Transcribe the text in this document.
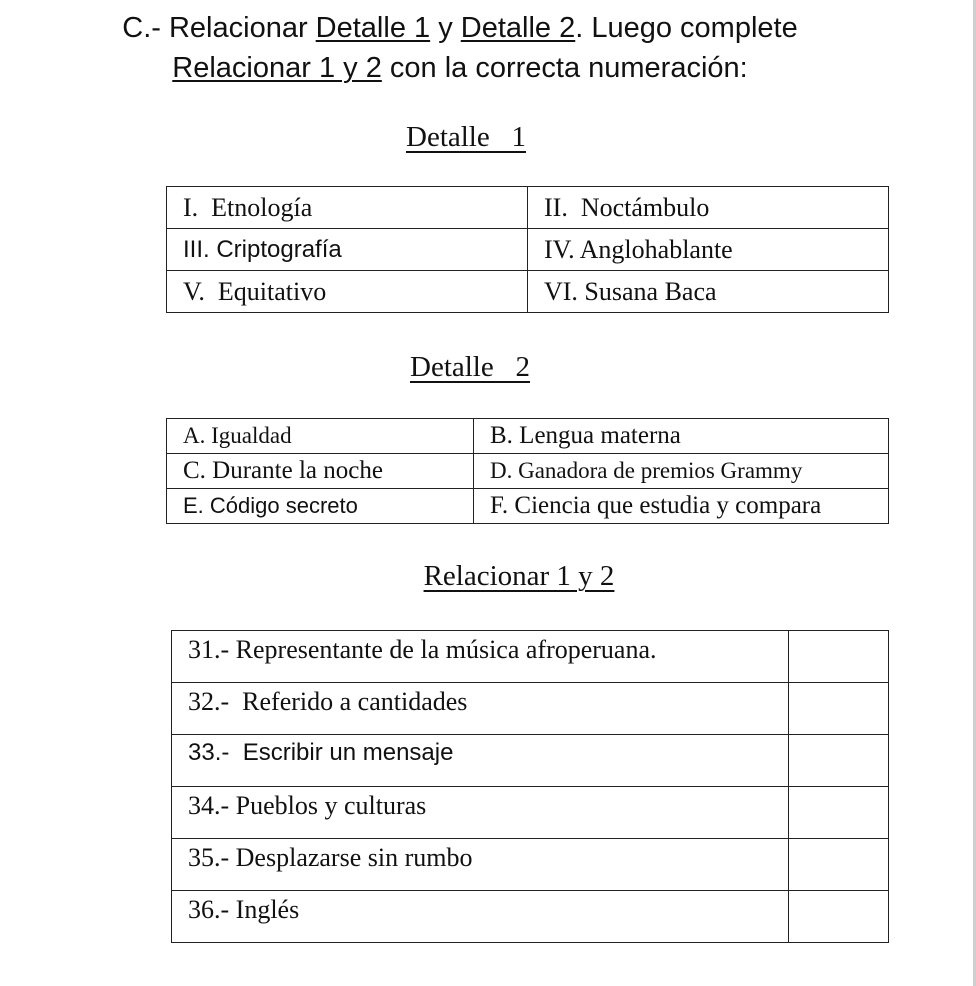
C.- Relacionar Detalle 1 y Detalle 2. Luego complete
Relacionar 1 y 2 con la correcta numeración:
Detalle   1
I.  Etnología	II.  Noctámbulo
III. Criptografía	IV. Anglohablante
V.  Equitativo	VI. Susana Baca
Detalle   2
A. Igualdad	B. Lengua materna
C. Durante la noche	D. Ganadora de premios Grammy
E. Código secreto	F. Ciencia que estudia y compara
Relacionar 1 y 2
31.- Representante de la música afroperuana.	
32.-  Referido a cantidades	
33.-  Escribir un mensaje	
34.- Pueblos y culturas	
35.- Desplazarse sin rumbo	
36.- Inglés	
